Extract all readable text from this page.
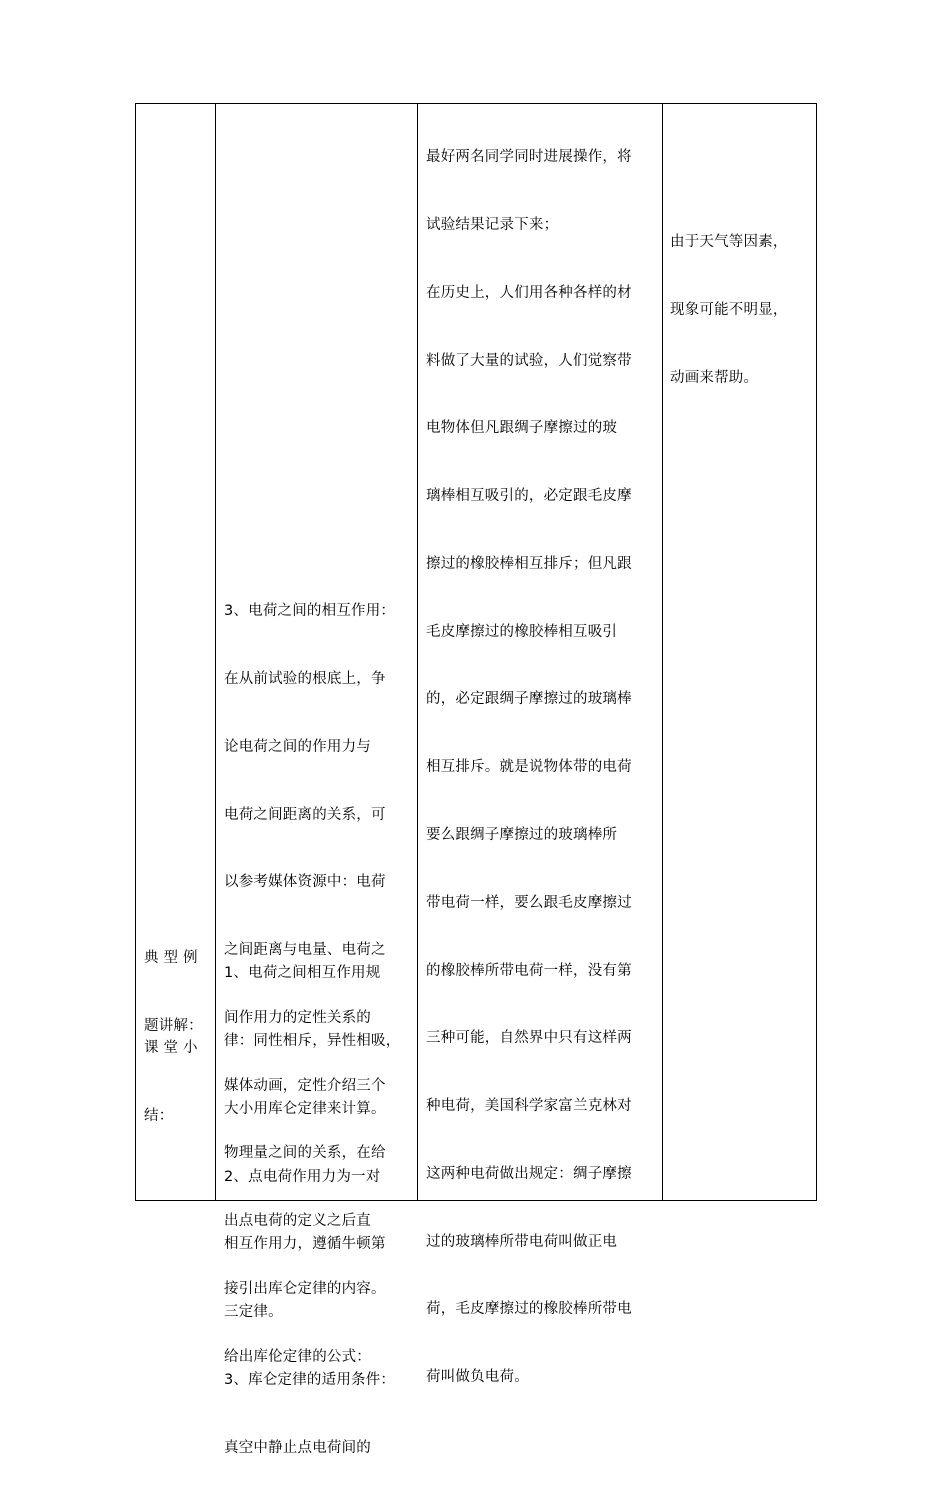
典 型 例

题讲解：

课 堂 小

结：

3、电荷之间的相互作用：

在从前试验的根底上，争

论电荷之间的作用力与

电荷之间距离的关系，可

以参考媒体资源中：电荷

之间距离与电量、电荷之

间作用力的定性关系的

媒体动画，定性介绍三个

物理量之间的关系，在给

出点电荷的定义之后直

接引出库仑定律的内容。

给出库伦定律的公式：

1、电荷之间相互作用规

律：同性相斥，异性相吸，

大小用库仑定律来计算。

2、点电荷作用力为一对

相互作用力，遵循牛顿第

三定律。

3、库仑定律的适用条件：

真空中静止点电荷间的

最好两名同学同时进展操作，将

试验结果记录下来；

在历史上，人们用各种各样的材

料做了大量的试验，人们觉察带

电物体但凡跟绸子摩擦过的玻

璃棒相互吸引的，必定跟毛皮摩

擦过的橡胶棒相互排斥；但凡跟

毛皮摩擦过的橡胶棒相互吸引

的，必定跟绸子摩擦过的玻璃棒

相互排斥。就是说物体带的电荷

要么跟绸子摩擦过的玻璃棒所

带电荷一样，要么跟毛皮摩擦过

的橡胶棒所带电荷一样，没有第

三种可能，自然界中只有这样两

种电荷，美国科学家富兰克林对

这两种电荷做出规定：绸子摩擦

过的玻璃棒所带电荷叫做正电

荷，毛皮摩擦过的橡胶棒所带电

荷叫做负电荷。

由于天气等因素，

现象可能不明显，

动画来帮助。
